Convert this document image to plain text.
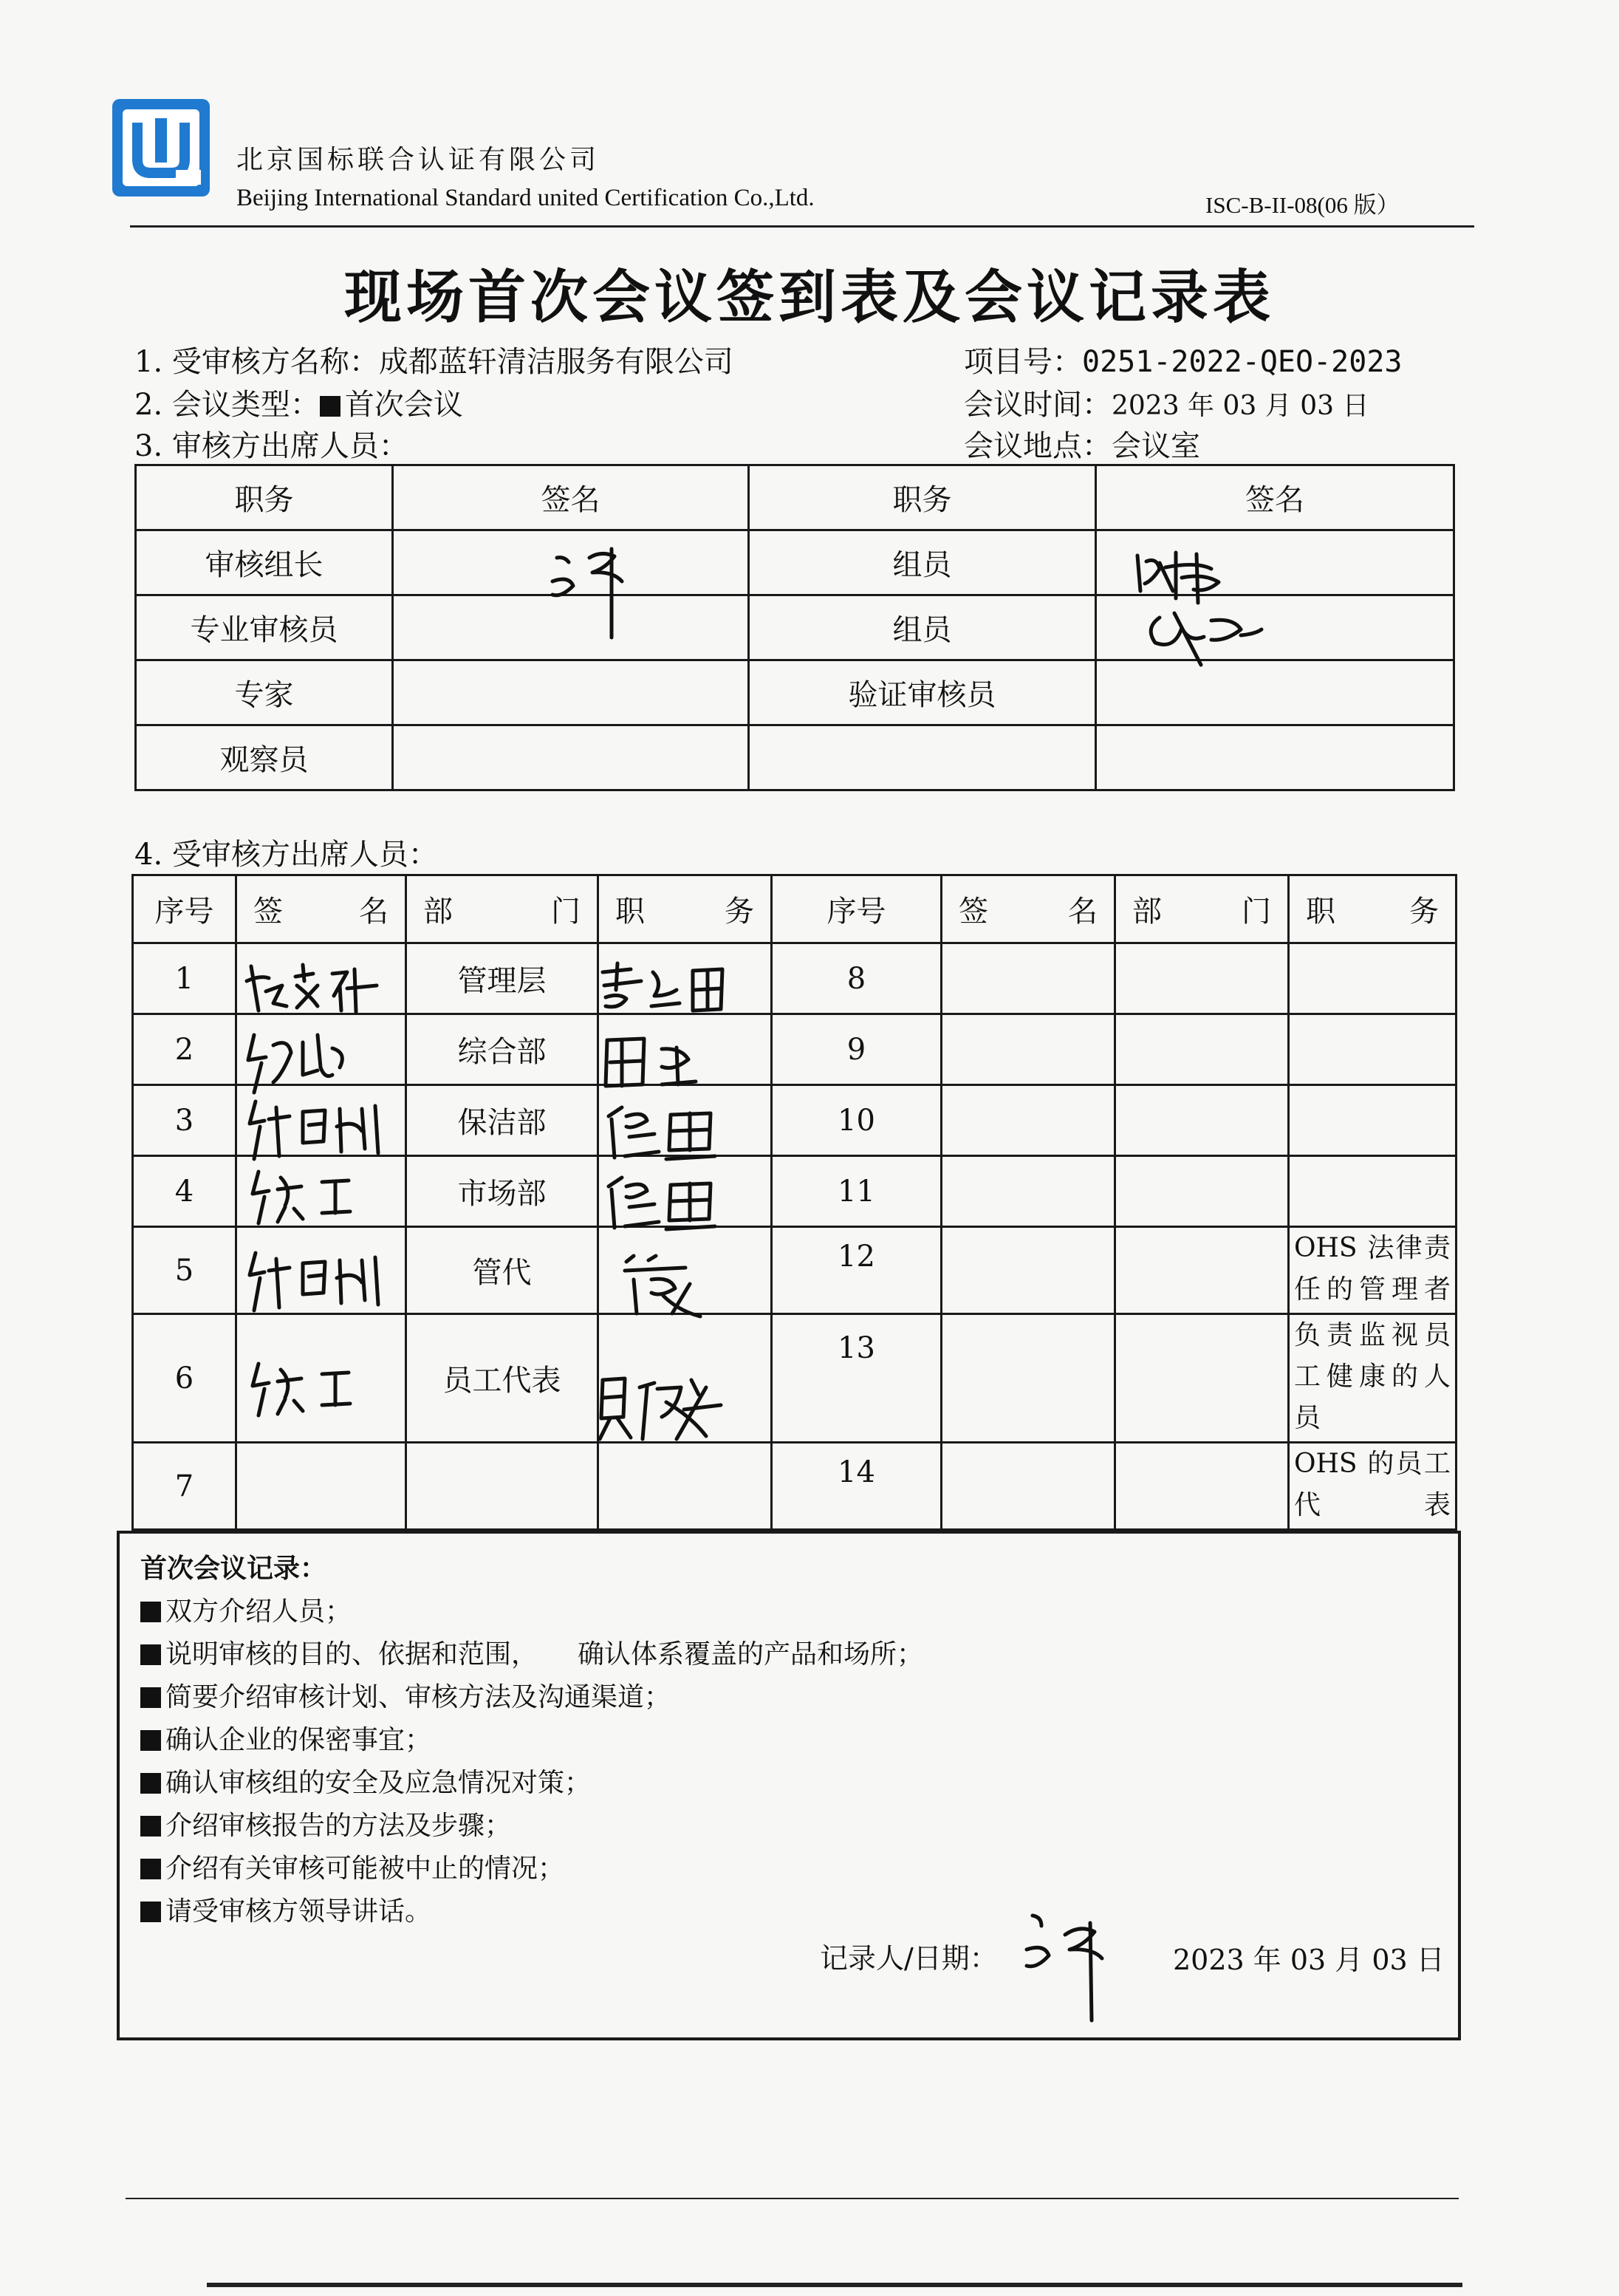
北京国标联合认证有限公司
Beijing International Standard united Certification Co.,Ltd.	ISC-B-II-08(06 版）
现场首次会议签到表及会议记录表
1. 受审核方名称：成都蓝轩清洁服务有限公司	项目号：0251-2022-QEO-2023
2. 会议类型： 首次会议	会议时间：2023 年 03 月 03 日
3. 审核方出席人员：	会议地点：会议室
职务	签名	职务	签名
审核组长		组员	
专业审核员		组员	
专家		验证审核员	
观察员			
4. 受审核方出席人员：
序号	签 名	部 门	职 务	序号	签 名	部 门	职 务

1		管理层		8			
2		综合部		9			
3		保洁部		10			
4		市场部		11			
5		管代		12			OHS 法律责任的管理者
6		员工代表		13			负责监视员工健康的人员
7				14			OHS 的员工代表
首次会议记录：
双方介绍人员；
说明审核的目的、依据和范围，　　确认体系覆盖的产品和场所；
简要介绍审核计划、审核方法及沟通渠道；
确认企业的保密事宜；
确认审核组的安全及应急情况对策；
介绍审核报告的方法及步骤；
介绍有关审核可能被中止的情况；
请受审核方领导讲话。
记录人/日期：	2023 年 03 月 03 日
